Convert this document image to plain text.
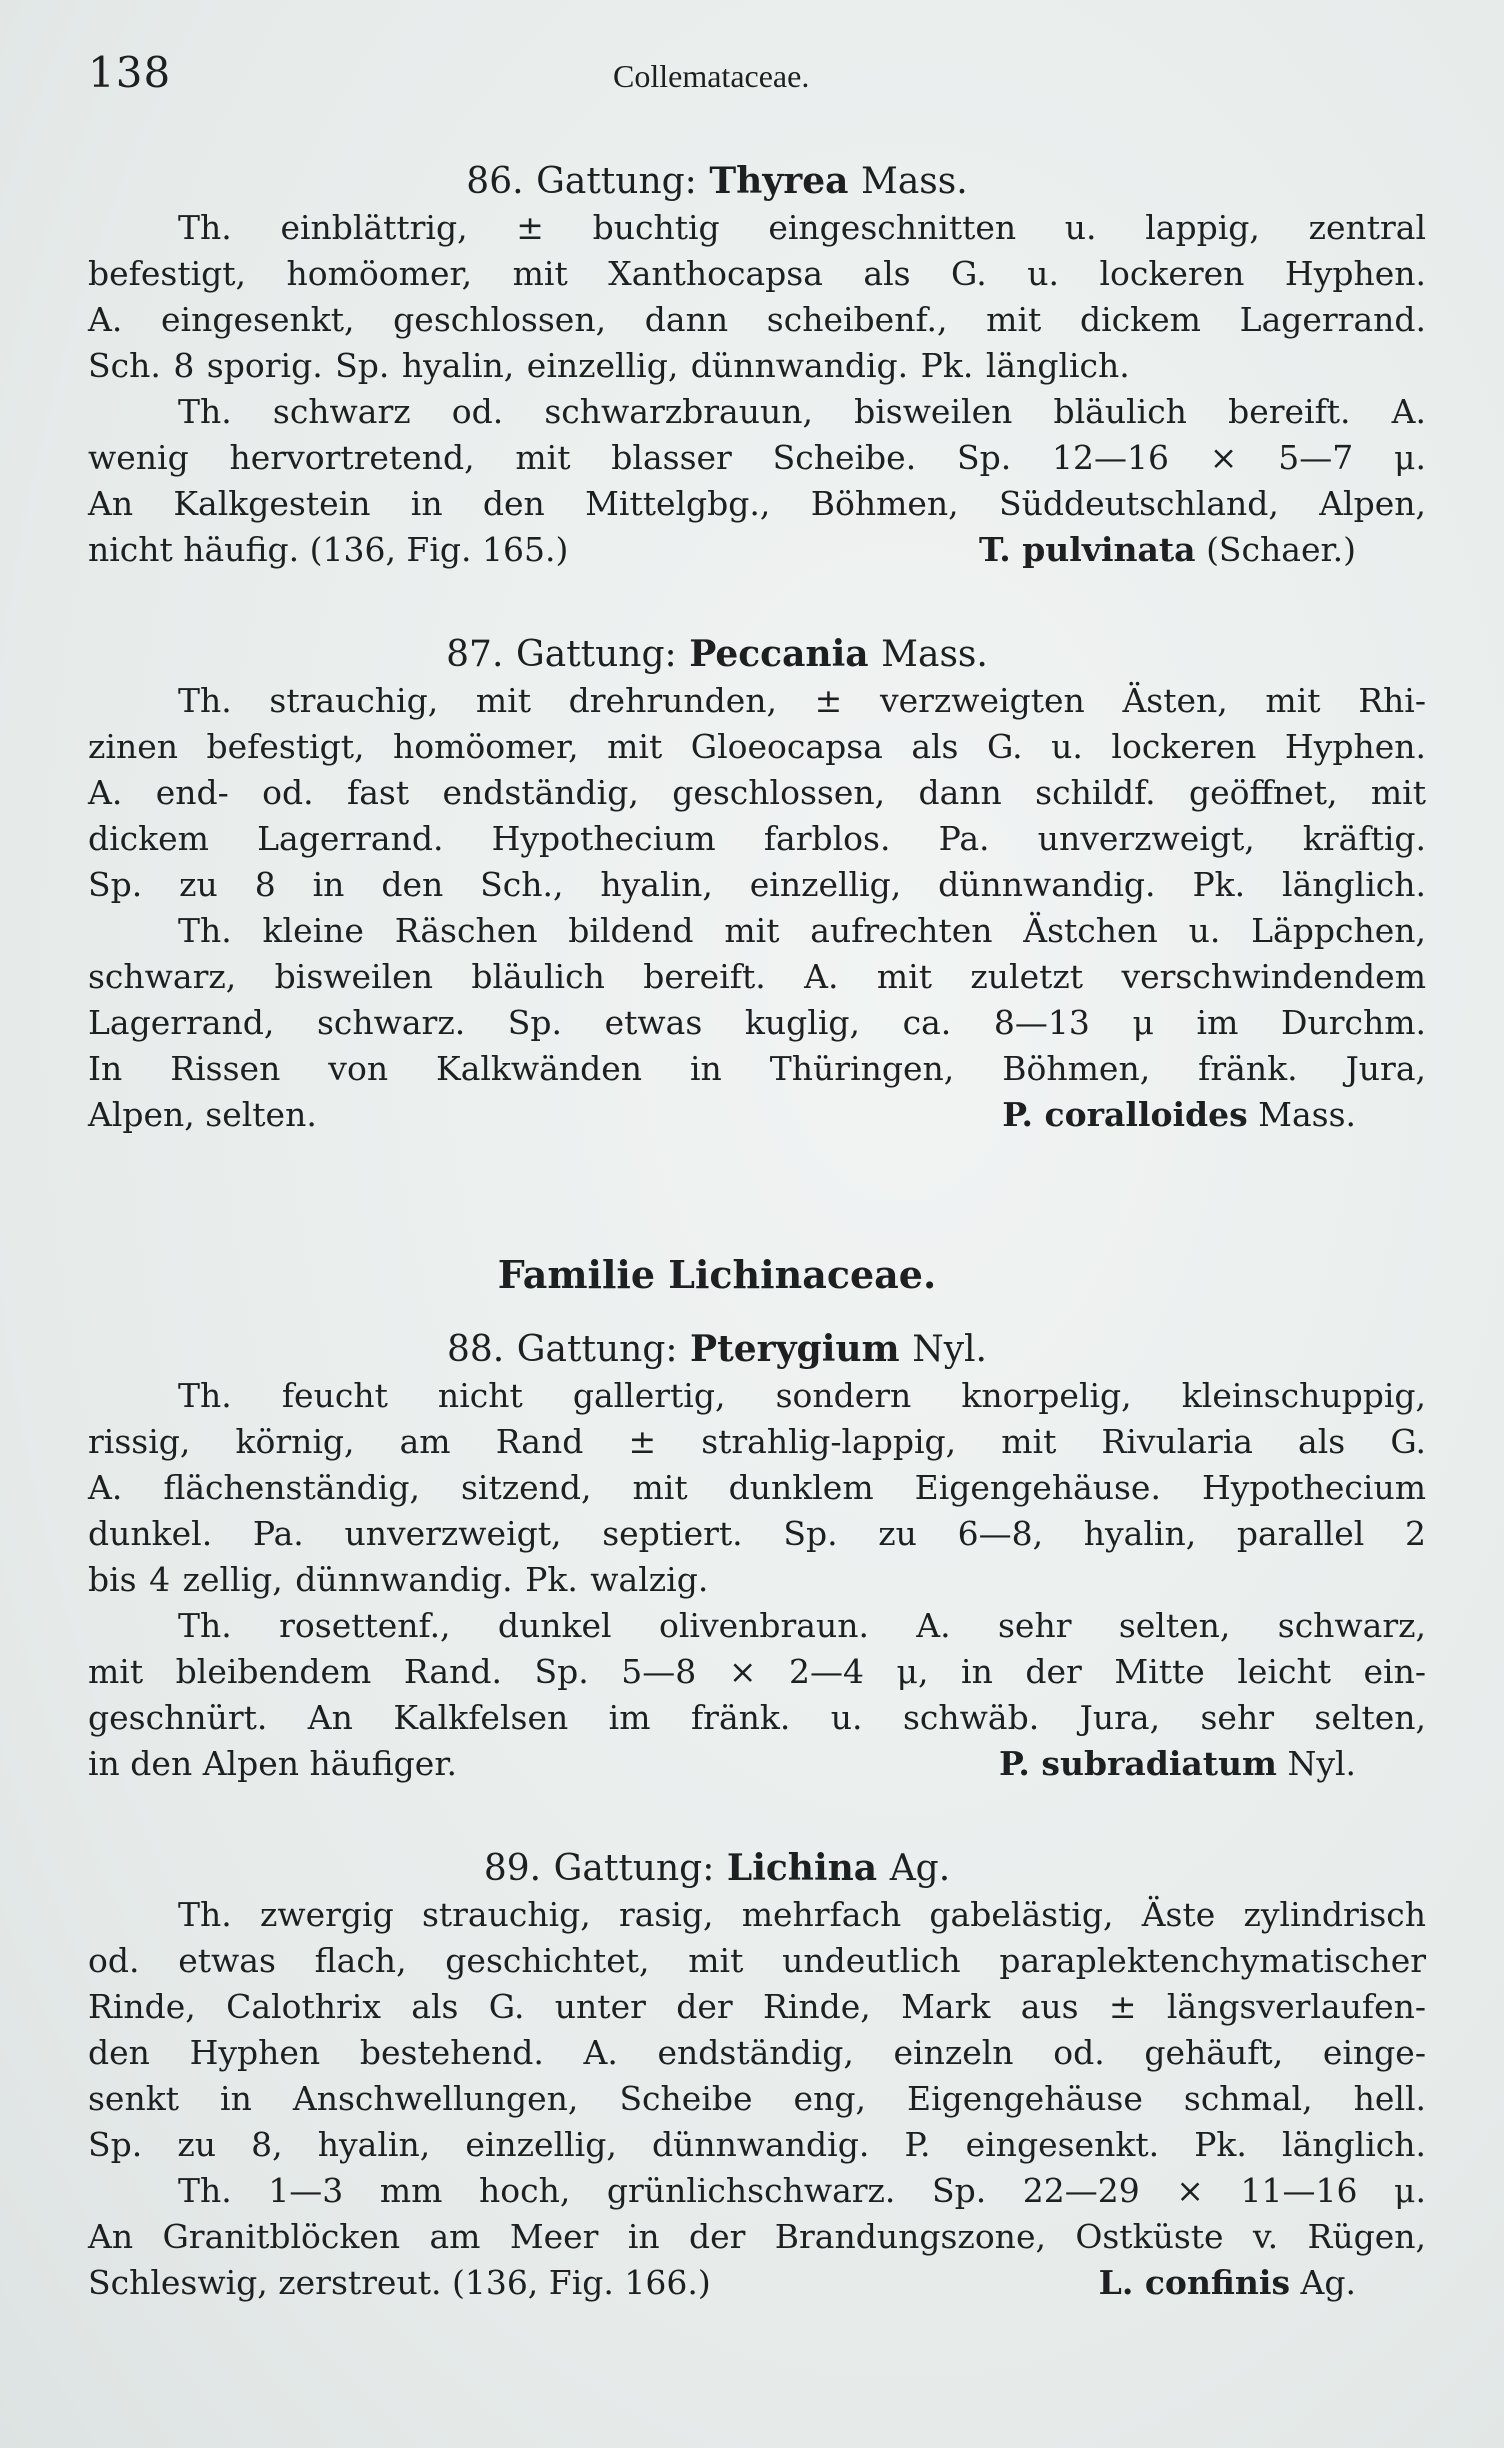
138	Collemataceae.
86. Gattung: Thyrea Mass.

Th. einblättrig, ± buchtig eingeschnitten u. lappig, zentral

befestigt, homöomer, mit Xanthocapsa als G. u. lockeren Hyphen.

A. eingesenkt, geschlossen, dann scheibenf., mit dickem Lagerrand.

Sch. 8 sporig. Sp. hyalin, einzellig, dünnwandig. Pk. länglich.

Th. schwarz od. schwarzbrauun, bisweilen bläulich bereift. A.

wenig hervortretend, mit blasser Scheibe. Sp. 12—16 × 5—7 μ.

An Kalkgestein in den Mittelgbg., Böhmen, Süddeutschland, Alpen,

nicht häufig. (136, Fig. 165.)	T. pulvinata (Schaer.)
87. Gattung: Peccania Mass.

Th. strauchig, mit drehrunden, ± verzweigten Ästen, mit Rhi-

zinen befestigt, homöomer, mit Gloeocapsa als G. u. lockeren Hyphen.

A. end- od. fast endständig, geschlossen, dann schildf. geöffnet, mit

dickem Lagerrand. Hypothecium farblos. Pa. unverzweigt, kräftig.

Sp. zu 8 in den Sch., hyalin, einzellig, dünnwandig. Pk. länglich.

Th. kleine Räschen bildend mit aufrechten Ästchen u. Läppchen,

schwarz, bisweilen bläulich bereift. A. mit zuletzt verschwindendem

Lagerrand, schwarz. Sp. etwas kuglig, ca. 8—13 μ im Durchm.

In Rissen von Kalkwänden in Thüringen, Böhmen, fränk. Jura,

Alpen, selten.	P. coralloides Mass.
Familie Lichinaceae.
88. Gattung: Pterygium Nyl.

Th. feucht nicht gallertig, sondern knorpelig, kleinschuppig,

rissig, körnig, am Rand ± strahlig-lappig, mit Rivularia als G.

A. flächenständig, sitzend, mit dunklem Eigengehäuse. Hypothecium

dunkel. Pa. unverzweigt, septiert. Sp. zu 6—8, hyalin, parallel 2

bis 4 zellig, dünnwandig. Pk. walzig.

Th. rosettenf., dunkel olivenbraun. A. sehr selten, schwarz,

mit bleibendem Rand. Sp. 5—8 × 2—4 μ, in der Mitte leicht ein-

geschnürt. An Kalkfelsen im fränk. u. schwäb. Jura, sehr selten,

in den Alpen häufiger.	P. subradiatum Nyl.
89. Gattung: Lichina Ag.

Th. zwergig strauchig, rasig, mehrfach gabelästig, Äste zylindrisch

od. etwas flach, geschichtet, mit undeutlich paraplektenchymatischer

Rinde, Calothrix als G. unter der Rinde, Mark aus ± längsverlaufen-

den Hyphen bestehend. A. endständig, einzeln od. gehäuft, einge-

senkt in Anschwellungen, Scheibe eng, Eigengehäuse schmal, hell.

Sp. zu 8, hyalin, einzellig, dünnwandig. P. eingesenkt. Pk. länglich.

Th. 1—3 mm hoch, grünlichschwarz. Sp. 22—29 × 11—16 μ.

An Granitblöcken am Meer in der Brandungszone, Ostküste v. Rügen,

Schleswig, zerstreut. (136, Fig. 166.)	L. confinis Ag.
